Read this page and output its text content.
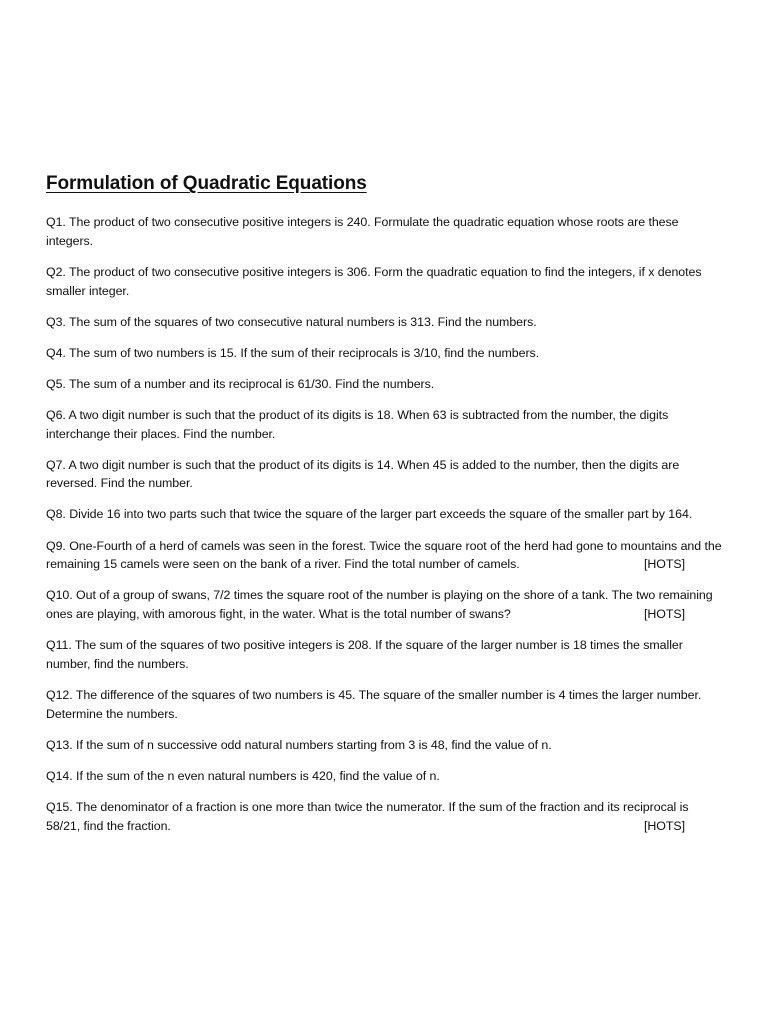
Formulation of Quadratic Equations
Q1. The product of two consecutive positive integers is 240. Formulate the quadratic equation whose roots are these integers.
Q2. The product of two consecutive positive integers is 306. Form the quadratic equation to find the integers, if x denotes smaller integer.
Q3. The sum of the squares of two consecutive natural numbers is 313. Find the numbers.
Q4. The sum of two numbers is 15. If the sum of their reciprocals is 3/10, find the numbers.
Q5. The sum of a number and its reciprocal is 61/30. Find the numbers.
Q6. A two digit number is such that the product of its digits is 18. When 63 is subtracted from the number, the digits interchange their places. Find the number.
Q7. A two digit number is such that the product of its digits is 14. When 45 is added to the number, then the digits are reversed. Find the number.
Q8. Divide 16 into two parts such that twice the square of the larger part exceeds the square of the smaller part by 164.
Q9. One-Fourth of a herd of camels was seen in the forest. Twice the square root of the herd had gone to mountains and the remaining 15 camels were seen on the bank of a river. Find the total number of camels.	[HOTS]
Q10. Out of a group of swans, 7/2 times the square root of the number is playing on the shore of a tank. The two remaining ones are playing, with amorous fight, in the water. What is the total number of swans?	[HOTS]
Q11. The sum of the squares of two positive integers is 208. If the square of the larger number is 18 times the smaller number, find the numbers.
Q12. The difference of the squares of two numbers is 45. The square of the smaller number is 4 times the larger number. Determine the numbers.
Q13. If the sum of n successive odd natural numbers starting from 3 is 48, find the value of n.
Q14. If the sum of the n even natural numbers is 420, find the value of n.
Q15. The denominator of a fraction is one more than twice the numerator. If the sum of the fraction and its reciprocal is 58/21, find the fraction.	[HOTS]
